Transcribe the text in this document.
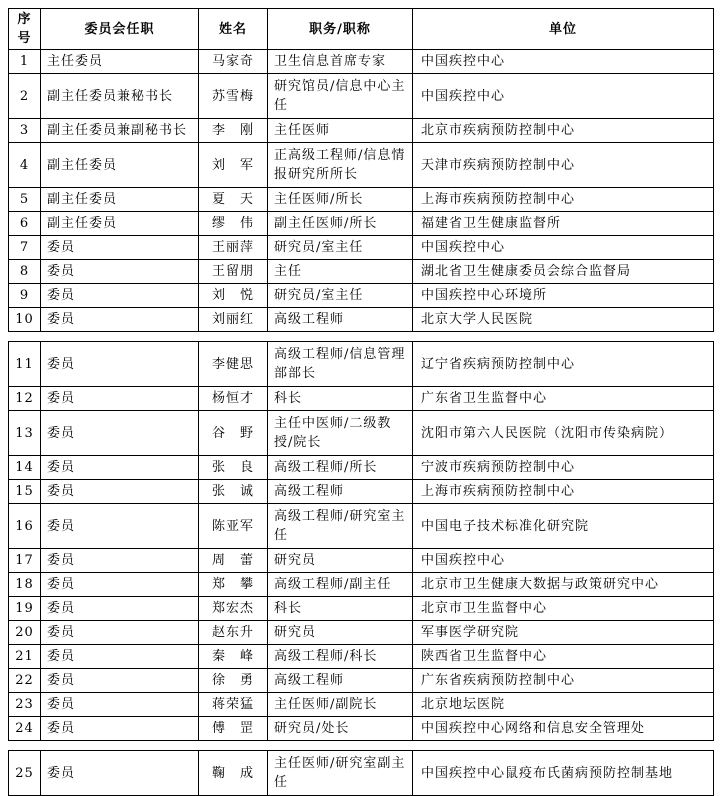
序号	委员会任职	姓名	职务/职称	单位
1	主任委员	马家奇	卫生信息首席专家	中国疾控中心
2	副主任委员兼秘书长	苏雪梅	研究馆员/信息中心主任	中国疾控中心
3	副主任委员兼副秘书长	李　刚	主任医师	北京市疾病预防控制中心
4	副主任委员	刘　军	正高级工程师/信息情报研究所所长	天津市疾病预防控制中心
5	副主任委员	夏　天	主任医师/所长	上海市疾病预防控制中心
6	副主任委员	缪　伟	副主任医师/所长	福建省卫生健康监督所
7	委员	王丽萍	研究员/室主任	中国疾控中心
8	委员	王留朋	主任	湖北省卫生健康委员会综合监督局
9	委员	刘　悦	研究员/室主任	中国疾控中心环境所
10	委员	刘丽红	高级工程师	北京大学人民医院
11	委员	李健思	高级工程师/信息管理部部长	辽宁省疾病预防控制中心
12	委员	杨恒才	科长	广东省卫生监督中心
13	委员	谷　野	主任中医师/二级教授/院长	沈阳市第六人民医院（沈阳市传染病院）
14	委员	张　良	高级工程师/所长	宁波市疾病预防控制中心
15	委员	张　诚	高级工程师	上海市疾病预防控制中心
16	委员	陈亚军	高级工程师/研究室主任	中国电子技术标准化研究院
17	委员	周　蕾	研究员	中国疾控中心
18	委员	郑　攀	高级工程师/副主任	北京市卫生健康大数据与政策研究中心
19	委员	郑宏杰	科长	北京市卫生监督中心
20	委员	赵东升	研究员	军事医学研究院
21	委员	秦　峰	高级工程师/科长	陕西省卫生监督中心
22	委员	徐　勇	高级工程师	广东省疾病预防控制中心
23	委员	蒋荣猛	主任医师/副院长	北京地坛医院
24	委员	傅　罡	研究员/处长	中国疾控中心网络和信息安全管理处
25	委员	鞠　成	主任医师/研究室副主任	中国疾控中心鼠疫布氏菌病预防控制基地
